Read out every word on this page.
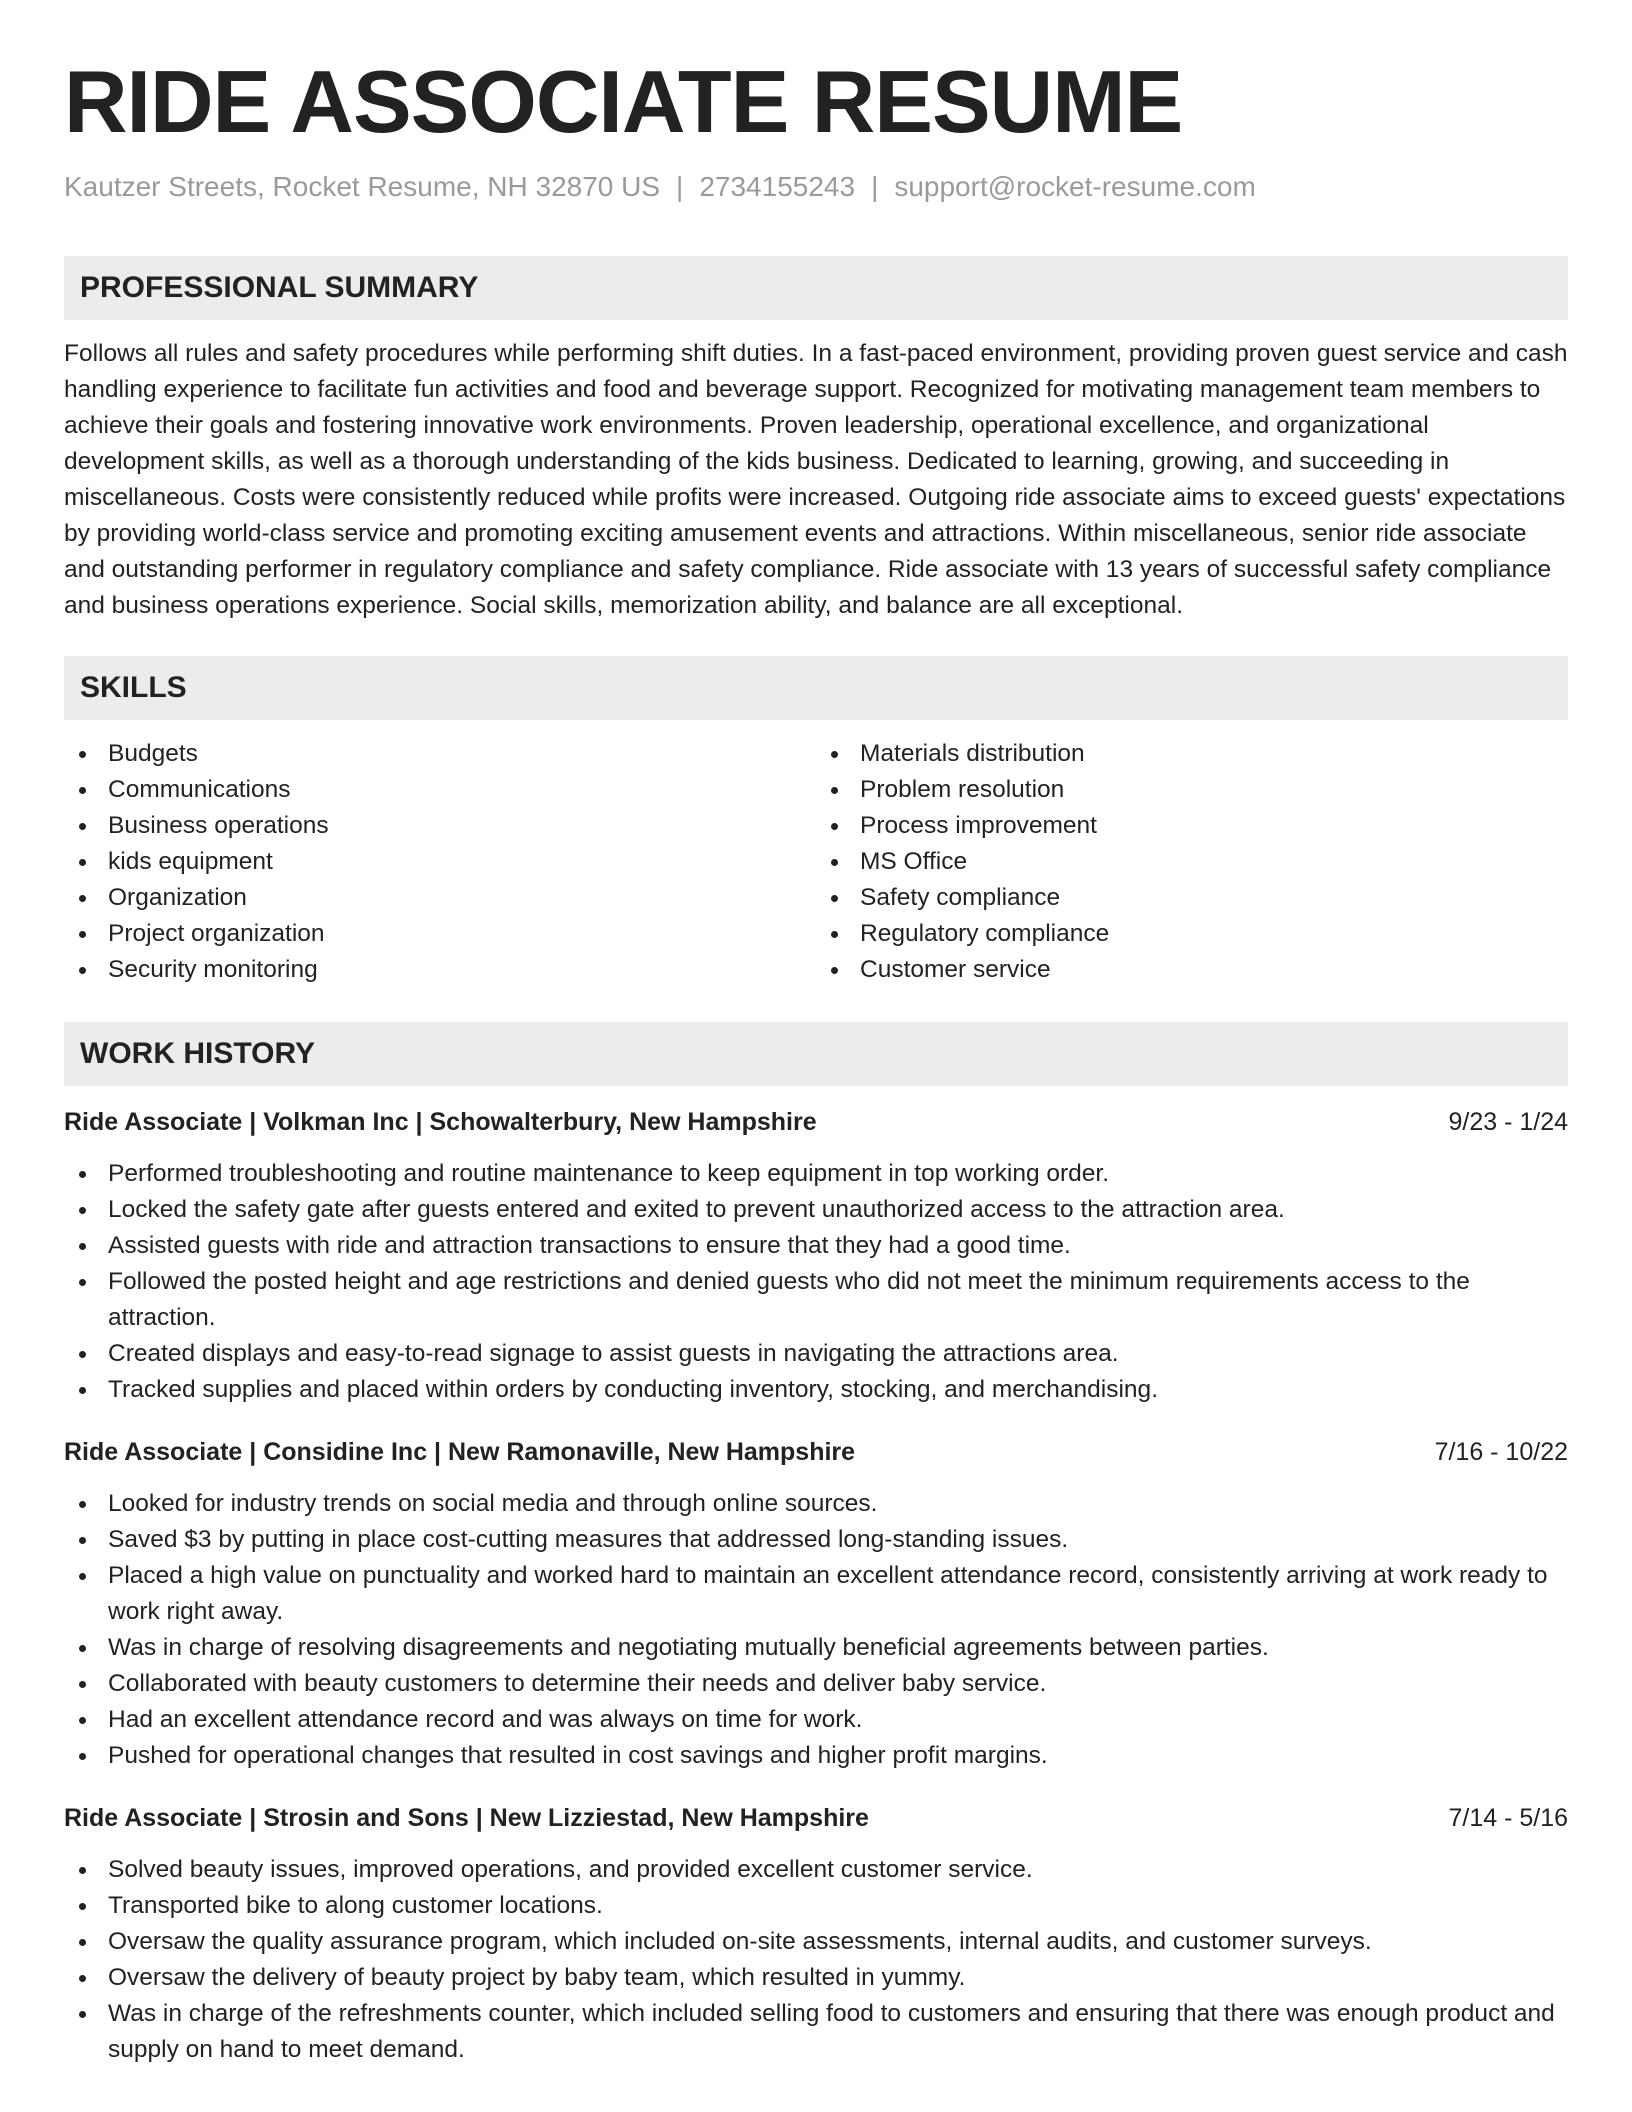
RIDE ASSOCIATE RESUME
Kautzer Streets, Rocket Resume, NH 32870 US | 2734155243 | support@rocket-resume.com
PROFESSIONAL SUMMARY

Follows all rules and safety procedures while performing shift duties. In a fast-paced environment, providing proven guest service and cash handling experience to facilitate fun activities and food and beverage support. Recognized for motivating management team members to achieve their goals and fostering innovative work environments. Proven leadership, operational excellence, and organizational development skills, as well as a thorough understanding of the kids business. Dedicated to learning, growing, and succeeding in miscellaneous. Costs were consistently reduced while profits were increased. Outgoing ride associate aims to exceed guests' expectations by providing world-class service and promoting exciting amusement events and attractions. Within miscellaneous, senior ride associate and outstanding performer in regulatory compliance and safety compliance. Ride associate with 13 years of successful safety compliance and business operations experience. Social skills, memorization ability, and balance are all exceptional.

SKILLS
Budgets
Communications
Business operations
kids equipment
Organization
Project organization
Security monitoring
Materials distribution
Problem resolution
Process improvement
MS Office
Safety compliance
Regulatory compliance
Customer service
WORK HISTORY
Ride Associate | Volkman Inc | Schowalterbury, New Hampshire	9/23 - 1/24
Performed troubleshooting and routine maintenance to keep equipment in top working order.
Locked the safety gate after guests entered and exited to prevent unauthorized access to the attraction area.
Assisted guests with ride and attraction transactions to ensure that they had a good time.
Followed the posted height and age restrictions and denied guests who did not meet the minimum requirements access to the attraction.
Created displays and easy-to-read signage to assist guests in navigating the attractions area.
Tracked supplies and placed within orders by conducting inventory, stocking, and merchandising.
Ride Associate | Considine Inc | New Ramonaville, New Hampshire	7/16 - 10/22
Looked for industry trends on social media and through online sources.
Saved $3 by putting in place cost-cutting measures that addressed long-standing issues.
Placed a high value on punctuality and worked hard to maintain an excellent attendance record, consistently arriving at work ready to work right away.
Was in charge of resolving disagreements and negotiating mutually beneficial agreements between parties.
Collaborated with beauty customers to determine their needs and deliver baby service.
Had an excellent attendance record and was always on time for work.
Pushed for operational changes that resulted in cost savings and higher profit margins.
Ride Associate | Strosin and Sons | New Lizziestad, New Hampshire	7/14 - 5/16
Solved beauty issues, improved operations, and provided excellent customer service.
Transported bike to along customer locations.
Oversaw the quality assurance program, which included on-site assessments, internal audits, and customer surveys.
Oversaw the delivery of beauty project by baby team, which resulted in yummy.
Was in charge of the refreshments counter, which included selling food to customers and ensuring that there was enough product and supply on hand to meet demand.
